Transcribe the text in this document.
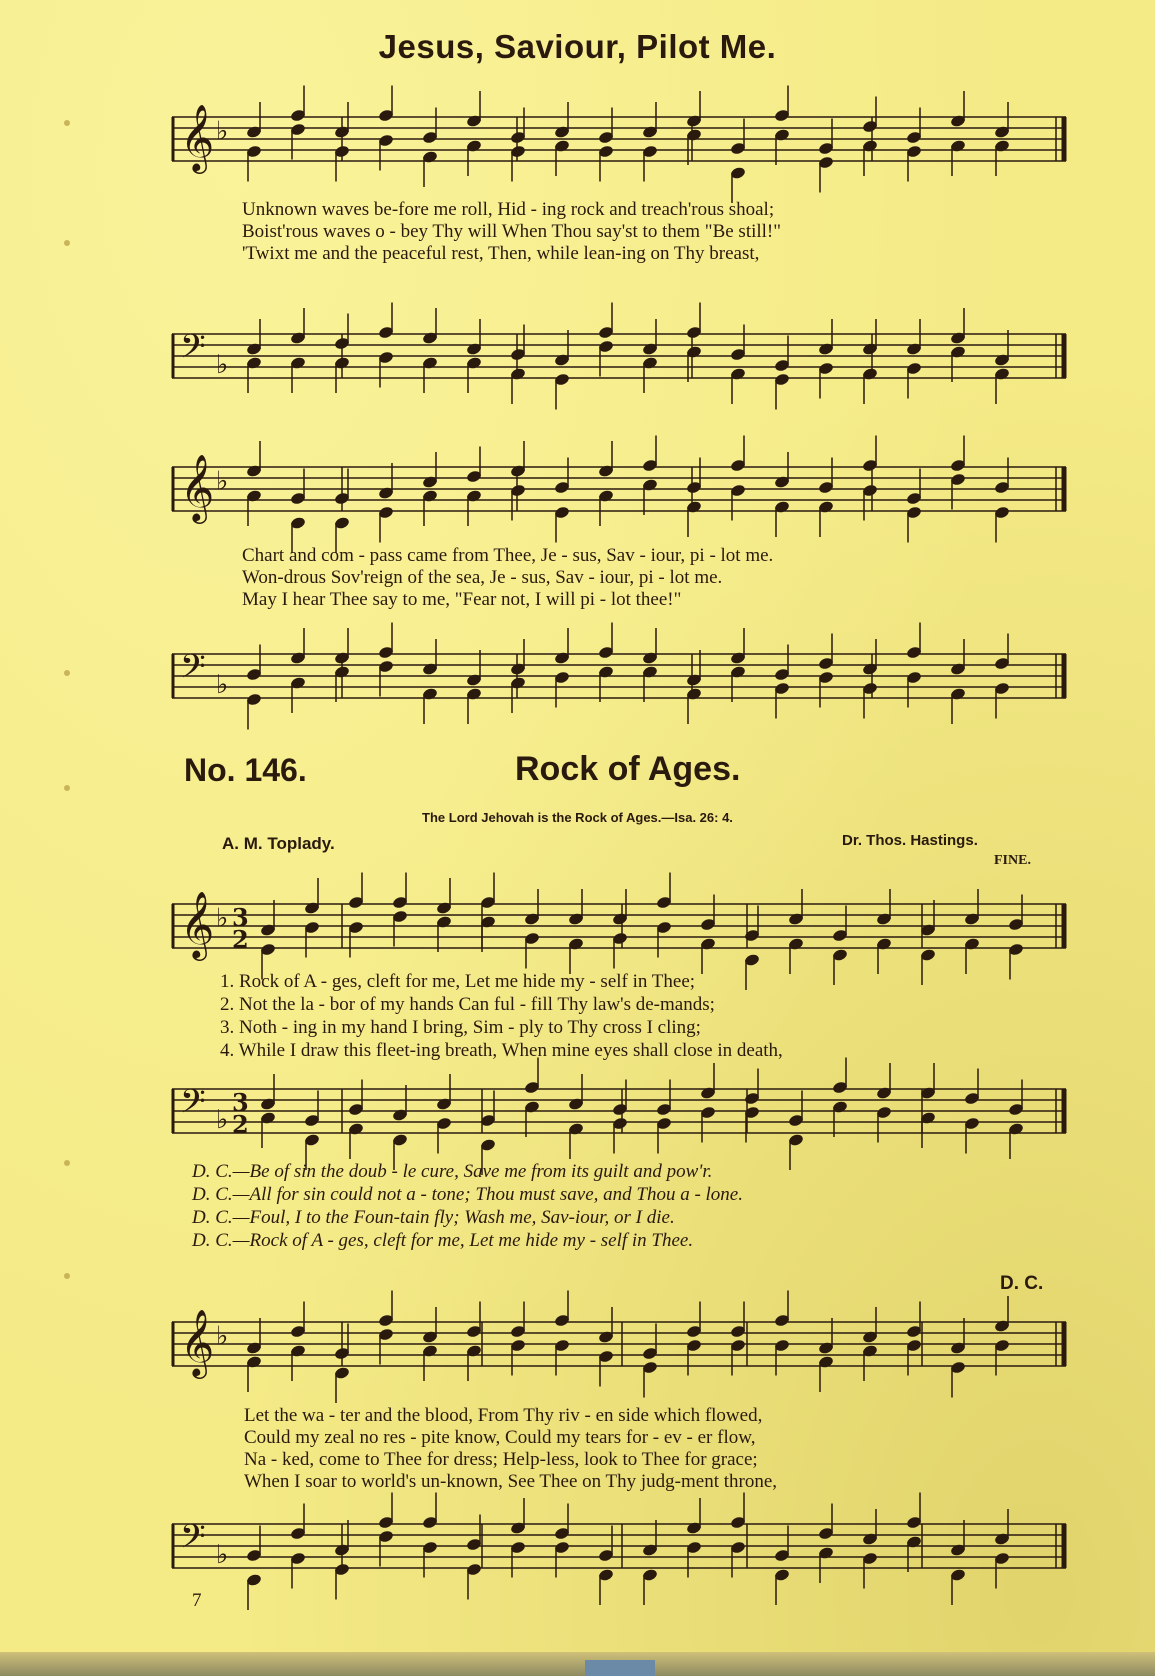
Jesus, Saviour, Pilot Me.
𝄞 ♭
𝄢 ♭
𝄞 ♭
𝄢 ♭
𝄞 ♭ 3
2
𝄢 ♭
3
2
𝄞 ♭
𝄢 ♭
Unknown waves be-fore me roll, Hid - ing rock and treach'rous shoal;
Boist'rous waves o - bey Thy will When Thou say'st to them "Be still!"
'Twixt me and the peaceful rest, Then, while lean-ing on Thy breast,
Chart and com - pass came from Thee, Je - sus, Sav - iour, pi - lot me.
Won-drous Sov'reign of the sea, Je - sus, Sav - iour, pi - lot me.
May I hear Thee say to me, "Fear not, I will pi - lot thee!"
No. 146.	Rock of Ages.
The Lord Jehovah is the Rock of Ages.—Isa. 26: 4.
A. M. Toplady.	Dr. Thos. Hastings.
FINE.
1. Rock of A - ges, cleft for me, Let me hide my - self in Thee;
2. Not the la - bor of my hands Can ful - fill Thy law's de-mands;
3. Noth - ing in my hand I bring, Sim - ply to Thy cross I cling;
4. While I draw this fleet-ing breath, When mine eyes shall close in death,
D. C.—Be of sin the doub - le cure, Save me from its guilt and pow'r.
D. C.—All for sin could not a - tone; Thou must save, and Thou a - lone.
D. C.—Foul, I to the Foun-tain fly; Wash me, Sav-iour, or I die.
D. C.—Rock of A - ges, cleft for me, Let me hide my - self in Thee.
D. C.
Let the wa - ter and the blood, From Thy riv - en side which flowed,
Could my zeal no res - pite know, Could my tears for - ev - er flow,
Na - ked, come to Thee for dress; Help-less, look to Thee for grace;
When I soar to world's un-known, See Thee on Thy judg-ment throne,
7
